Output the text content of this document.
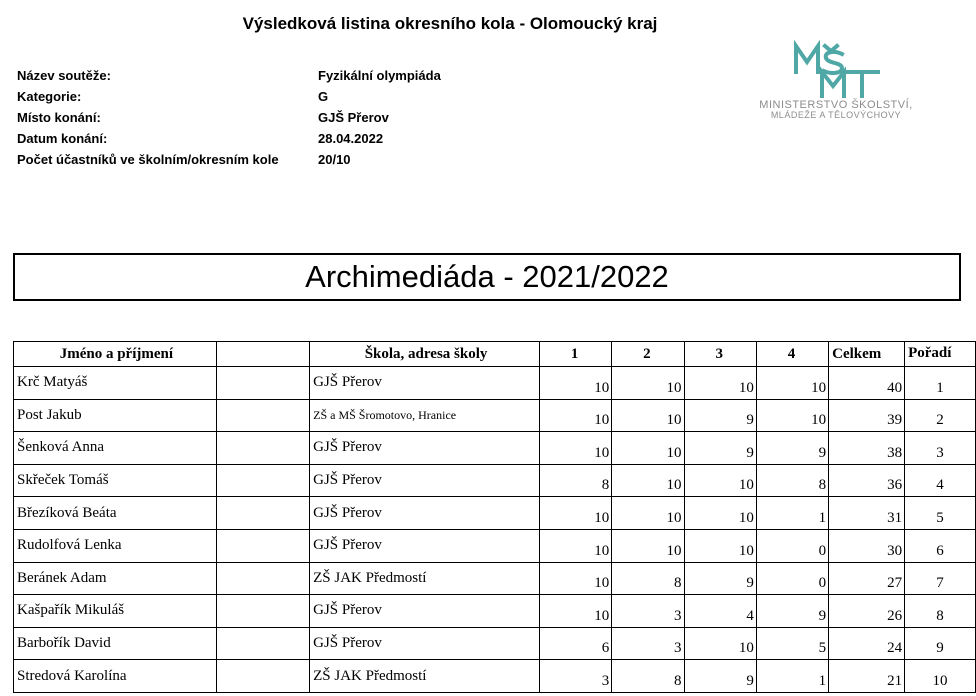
Výsledková listina okresního kola - Olomoucký kraj
Název soutěže:	Fyzikální olympiáda
Kategorie:	G
Místo konání:	GJŠ Přerov
Datum konání:	28.04.2022
Počet účastníků ve školním/okresním kole	20/10
MINISTERSTVO ŠKOLSTVÍ,
MLÁDEŽE A TĚLOVÝCHOVY
Archimediáda - 2021/2022
Jméno a příjmení		Škola, adresa školy	1	2	3	4	Celkem	Pořadí
Krč Matyáš		GJŠ Přerov	10	10	10	10	40	1
Post Jakub		ZŠ a MŠ Šromotovo, Hranice	10	10	9	10	39	2
Šenková Anna		GJŠ Přerov	10	10	9	9	38	3
Skřeček Tomáš		GJŠ Přerov	8	10	10	8	36	4
Březíková Beáta		GJŠ Přerov	10	10	10	1	31	5
Rudolfová Lenka		GJŠ Přerov	10	10	10	0	30	6
Beránek Adam		ZŠ JAK Předmostí	10	8	9	0	27	7
Kašpařík Mikuláš		GJŠ Přerov	10	3	4	9	26	8
Barbořík David		GJŠ Přerov	6	3	10	5	24	9
Stredová Karolína		ZŠ JAK Předmostí	3	8	9	1	21	10
